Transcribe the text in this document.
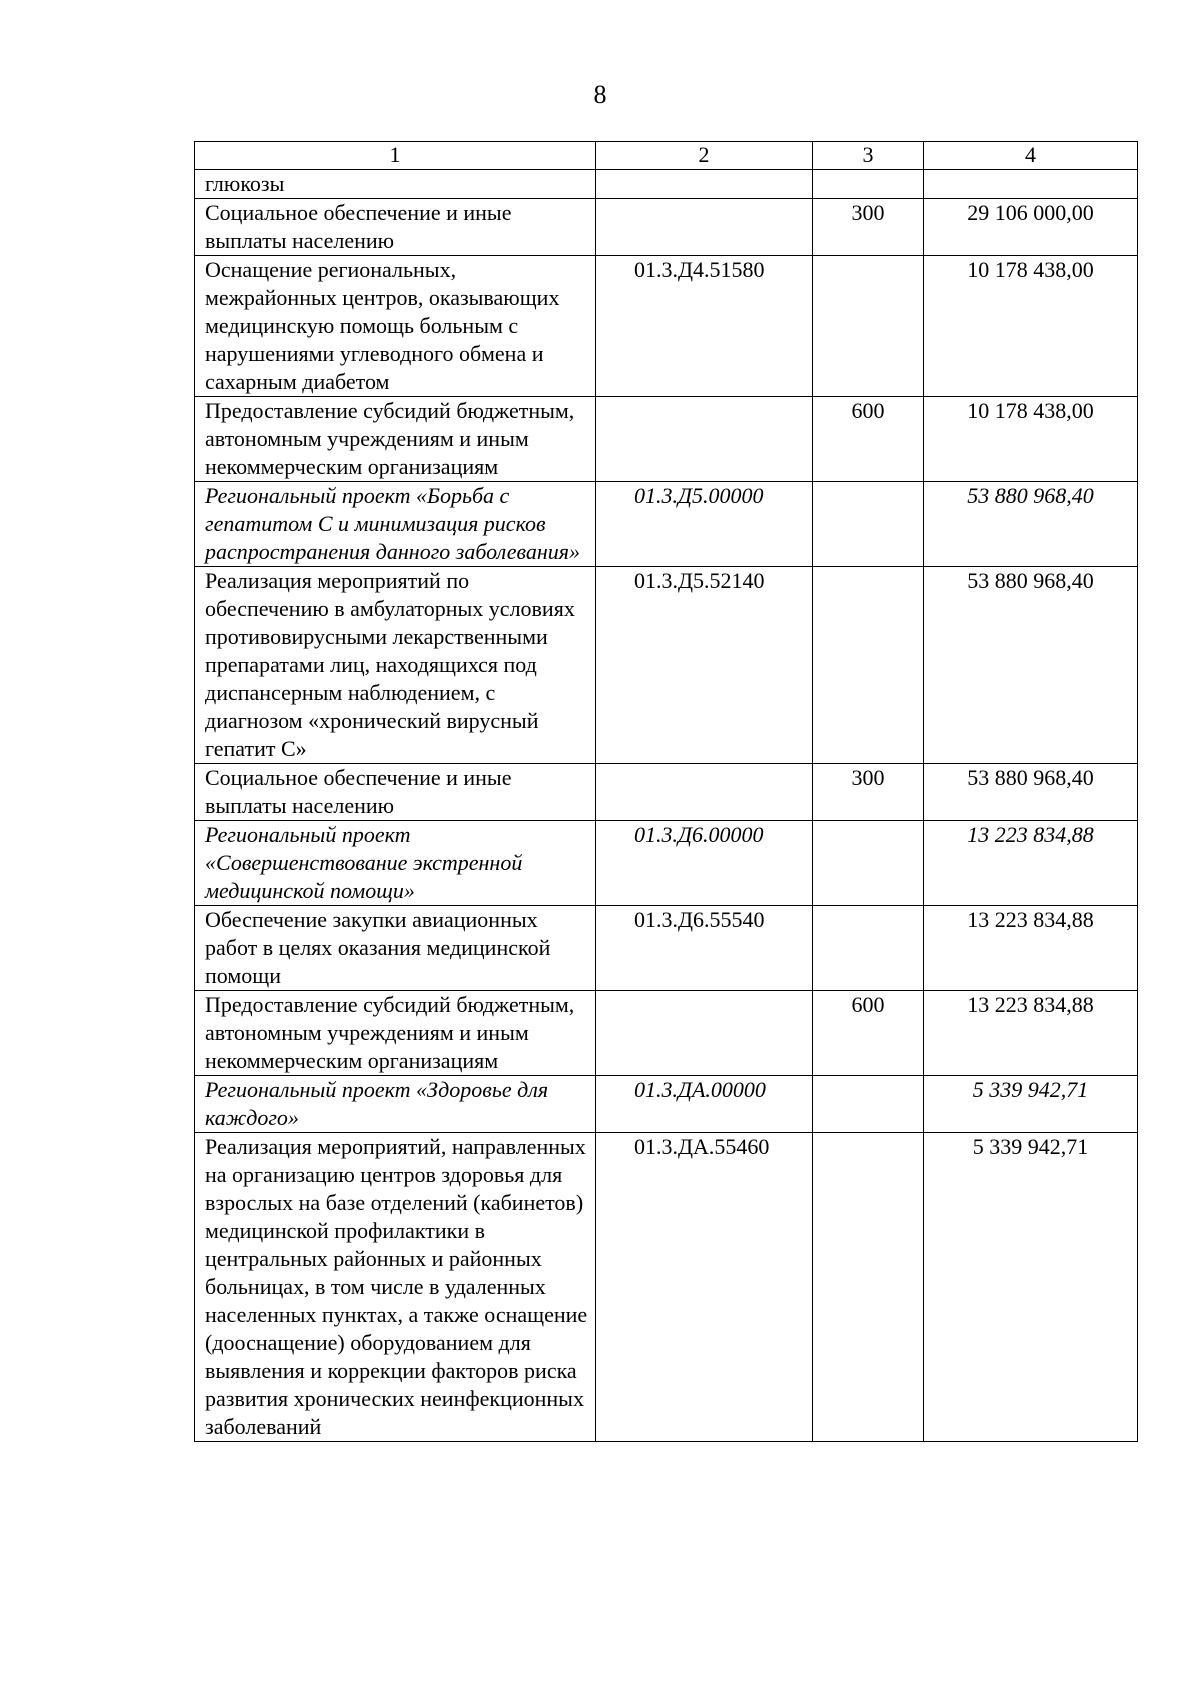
8
1	2	3	4
глюкозы			
Социальное обеспечение и иные выплаты населению		300	29 106 000,00
Оснащение региональных, межрайонных центров, оказывающих медицинскую помощь больным с нарушениями углеводного обмена и сахарным диабетом	01.3.Д4.51580		10 178 438,00
Предоставление субсидий бюджетным, автономным учреждениям и иным некоммерческим организациям		600	10 178 438,00
Региональный проект «Борьба с гепатитом С и минимизация рисков распространения данного заболевания»	01.3.Д5.00000		53 880 968,40
Реализация мероприятий по обеспечению в амбулаторных условиях противовирусными лекарственными препаратами лиц, находящихся под диспансерным наблюдением, с диагнозом «хронический вирусный гепатит С»	01.3.Д5.52140		53 880 968,40
Социальное обеспечение и иные выплаты населению		300	53 880 968,40
Региональный проект «Совершенствование экстренной медицинской помощи»	01.3.Д6.00000		13 223 834,88
Обеспечение закупки авиационных работ в целях оказания медицинской помощи	01.3.Д6.55540		13 223 834,88
Предоставление субсидий бюджетным, автономным учреждениям и иным некоммерческим организациям		600	13 223 834,88
Региональный проект «Здоровье для каждого»	01.3.ДА.00000		5 339 942,71
Реализация мероприятий, направленных на организацию центров здоровья для взрослых на базе отделений (кабинетов) медицинской профилактики в центральных районных и районных больницах, в том числе в удаленных населенных пунктах, а также оснащение (дооснащение) оборудованием для выявления и коррекции факторов риска развития хронических неинфекционных заболеваний	01.3.ДА.55460		5 339 942,71
